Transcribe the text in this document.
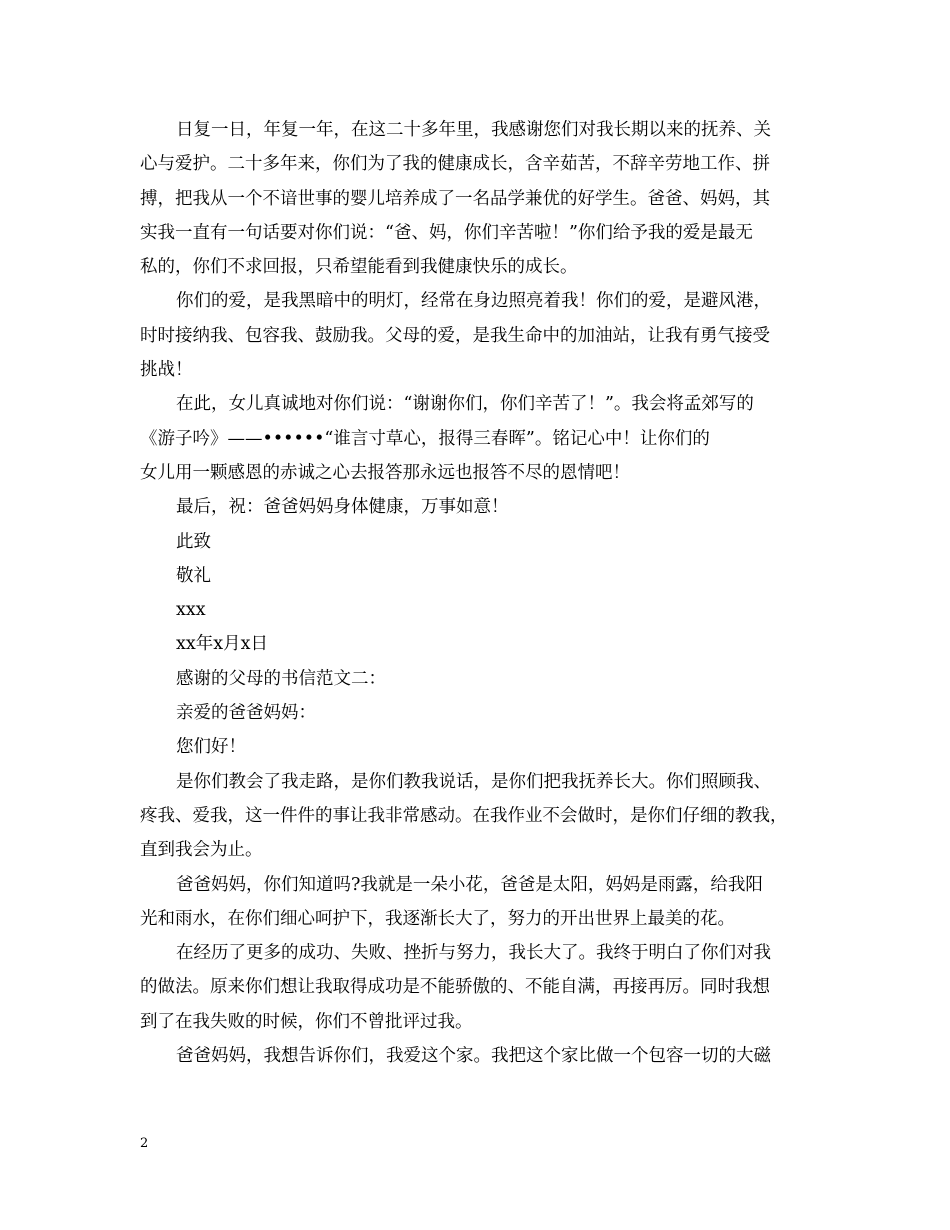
日复一日，年复一年，在这二十多年里，我感谢您们对我长期以来的抚养、关
心与爱护。二十多年来，你们为了我的健康成长，含辛茹苦，不辞辛劳地工作、拼
搏，把我从一个不谙世事的婴儿培养成了一名品学兼优的好学生。爸爸、妈妈，其
实我一直有一句话要对你们说：“爸、妈，你们辛苦啦！”你们给予我的爱是最无
私的，你们不求回报，只希望能看到我健康快乐的成长。
你们的爱，是我黑暗中的明灯，经常在身边照亮着我！你们的爱，是避风港，
时时接纳我、包容我、鼓励我。父母的爱，是我生命中的加油站，让我有勇气接受
挑战！
在此，女儿真诚地对你们说：“谢谢你们，你们辛苦了！”。我会将孟郊写的
《游子吟》——••••••“谁言寸草心，报得三春晖”。铭记心中！让你们的
女儿用一颗感恩的赤诚之心去报答那永远也报答不尽的恩情吧！
最后，祝：爸爸妈妈身体健康，万事如意！
此致
敬礼
xxx
xx年x月x日
感谢的父母的书信范文二：
亲爱的爸爸妈妈：
您们好！
是你们教会了我走路，是你们教我说话，是你们把我抚养长大。你们照顾我、
疼我、爱我，这一件件的事让我非常感动。在我作业不会做时，是你们仔细的教我，
直到我会为止。
爸爸妈妈，你们知道吗?我就是一朵小花，爸爸是太阳，妈妈是雨露，给我阳
光和雨水，在你们细心呵护下，我逐渐长大了，努力的开出世界上最美的花。
在经历了更多的成功、失败、挫折与努力，我长大了。我终于明白了你们对我
的做法。原来你们想让我取得成功是不能骄傲的、不能自满，再接再厉。同时我想
到了在我失败的时候，你们不曾批评过我。
爸爸妈妈，我想告诉你们，我爱这个家。我把这个家比做一个包容一切的大磁
2
